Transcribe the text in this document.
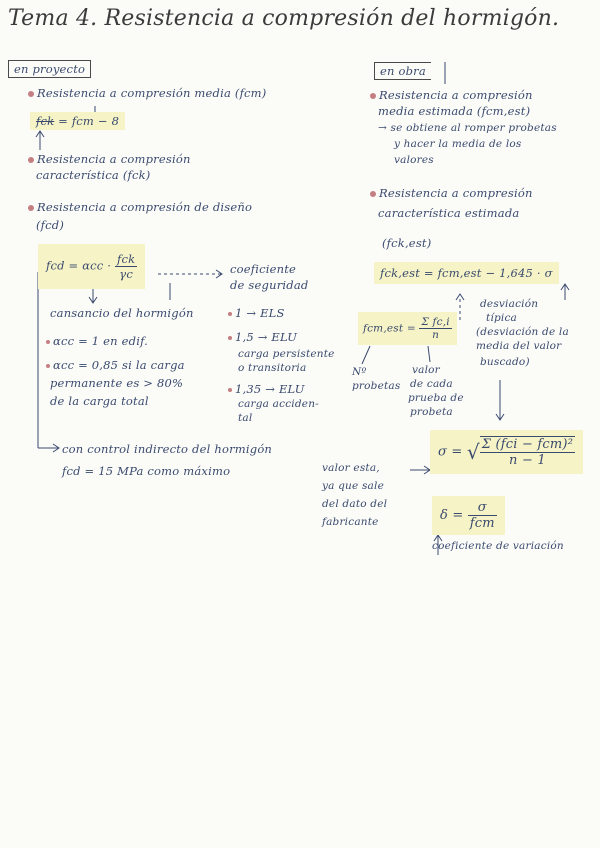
Tema 4. Resistencia a compresión del hormigón.
en proyecto
Resistencia a compresión media (fcm)
fck = fcm − 8
Resistencia a compresión
característica (fck)
Resistencia a compresión de diseño
(fcd)
fcd = $\alpha cc \cdot \frac{\text{fck}}{\gamma c}$	coeficiente
de seguridad
cansancio del hormigón
αcc = 1 en edif.
αcc = 0,85 si la carga
permanente es > 80%
de la carga total
1 → ELS
1,5 → ELU
carga persistente
o transitoria
1,35 → ELU
carga acciden-
tal
con control indirecto del hormigón
fcd = 15 MPa como máximo
en obra
Resistencia a compresión
media estimada (fcm,est)
→ se obtiene al romper probetas
y hacer la media de los
valores
Resistencia a compresión
característica estimada
(fck,est)
fck,est = fcm,est − 1,645 · σ
desviación
típica
(desviación de la
media del valor
buscado)
$fcm,est = \frac{\text{Σ fc,i}}{n}$
Nº
probetas
valor
de cada
prueba de
probeta
σ = √ $\frac{\text{Σ (fci − fcm)²}}{n - 1}$
valor esta,
ya que sale
del dato del
fabricante	$\delta = \frac{\sigma}{\text{fcm}}$
coeficiente de variación
